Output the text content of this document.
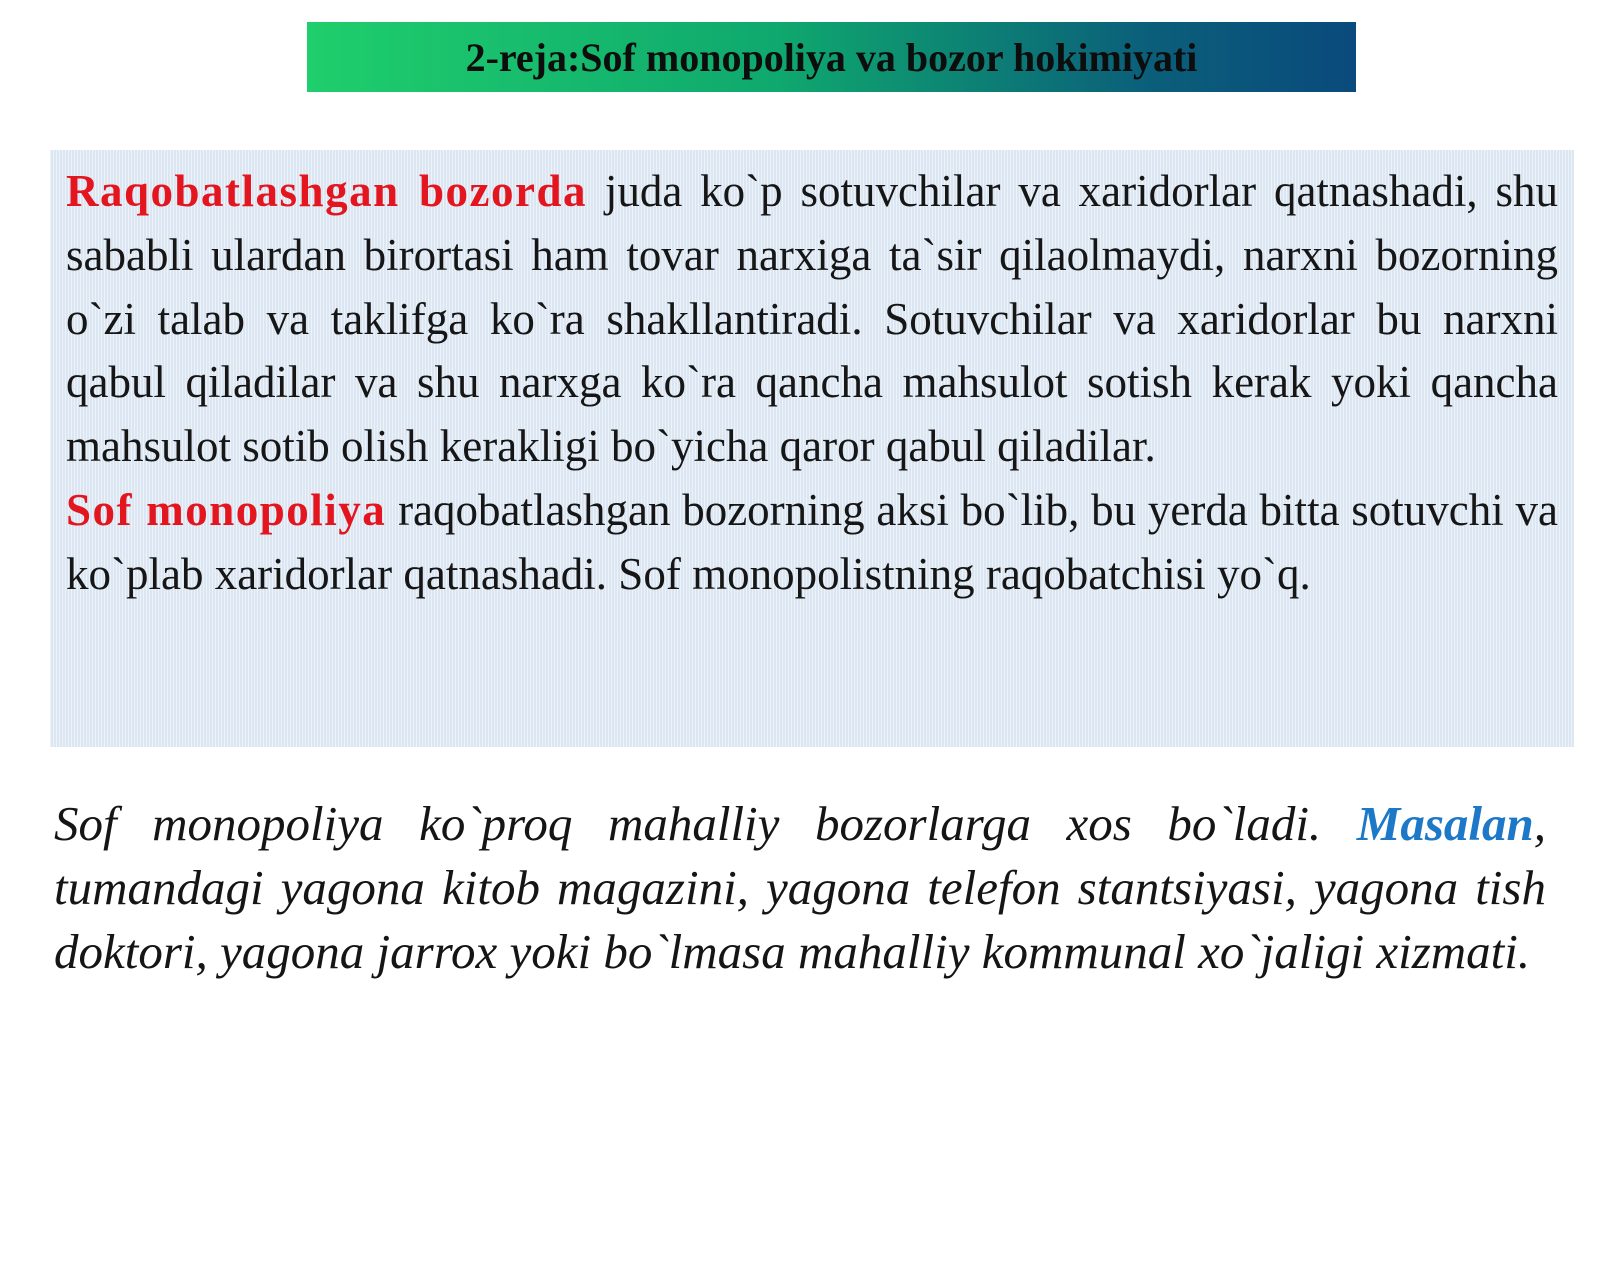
2-reja:Sof monopoliya va bozor hokimiyati

Raqobatlashgan bozorda juda ko`p sotuvchilar va xaridorlar qatnashadi, shu sababli ulardan birortasi ham tovar narxiga ta`sir qilaolmaydi, narxni bozorning o`zi talab va taklifga ko`ra shakllantiradi. Sotuvchilar va xaridorlar bu narxni qabul qiladilar va shu narxga ko`ra qancha mahsulot sotish kerak yoki qancha mahsulot sotib olish kerakligi bo`yicha qaror qabul qiladilar.

Sof monopoliya raqobatlashgan bozorning aksi bo`lib, bu yerda bitta sotuvchi va ko`plab xaridorlar qatnashadi. Sof monopolistning raqobatchisi yo`q.

Sof monopoliya ko`proq mahalliy bozorlarga xos bo`ladi. Masalan, tumandagi yagona kitob magazini, yagona telefon stantsiyasi, yagona tish doktori, yagona jarrox yoki bo`lmasa mahalliy kommunal xo`jaligi xizmati.
